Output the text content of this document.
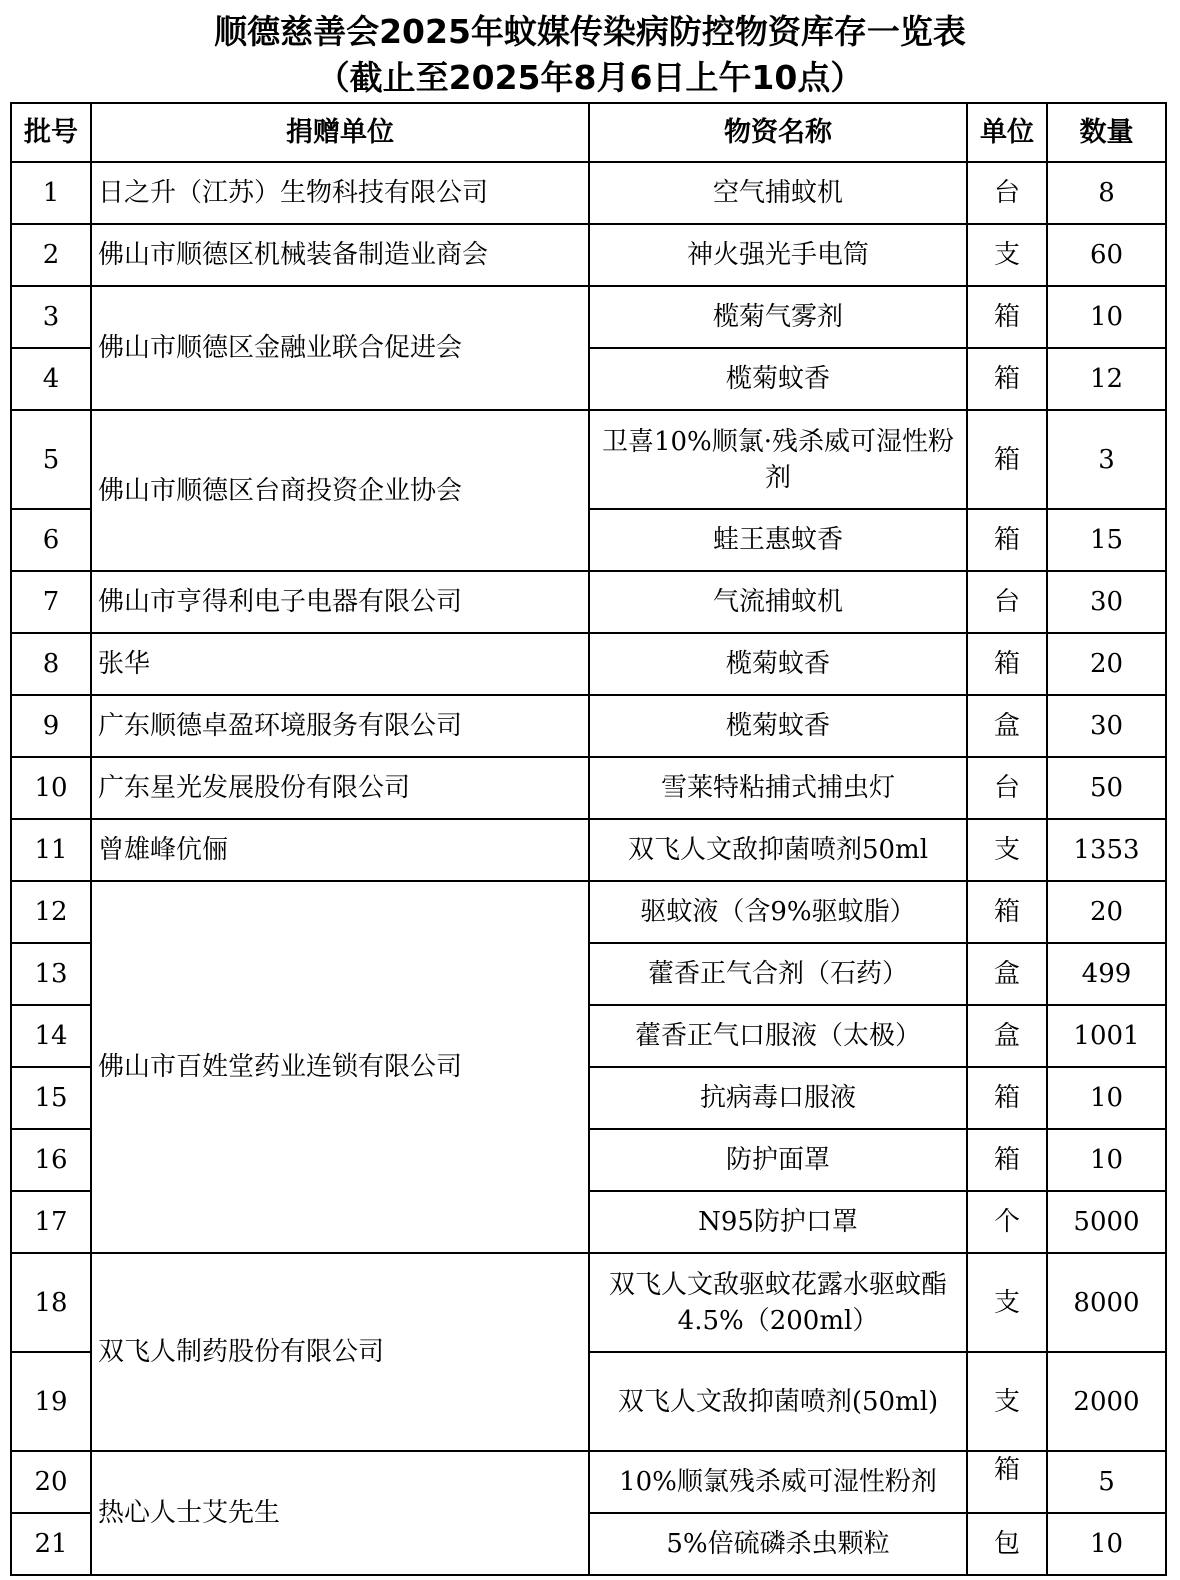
顺德慈善会2025年蚊媒传染病防控物资库存一览表
（截止至2025年8月6日上午10点）
批号	捐赠单位	物资名称	单位	数量
1	日之升（江苏）生物科技有限公司	空气捕蚊机	台	8
2	佛山市顺德区机械装备制造业商会	神火强光手电筒	支	60
3	佛山市顺德区金融业联合促进会	榄菊气雾剂	箱	10
4		榄菊蚊香	箱	12
5	佛山市顺德区台商投资企业协会	卫喜10%顺氯·残杀威可湿性粉剂	箱	3
6		蛙王惠蚊香	箱	15
7	佛山市亨得利电子电器有限公司	气流捕蚊机	台	30
8	张华	榄菊蚊香	箱	20
9	广东顺德卓盈环境服务有限公司	榄菊蚊香	盒	30
10	广东星光发展股份有限公司	雪莱特粘捕式捕虫灯	台	50
11	曾雄峰伉俪	双飞人文敌抑菌喷剂50ml	支	1353
12	佛山市百姓堂药业连锁有限公司	驱蚊液（含9%驱蚊脂）	箱	20
13		藿香正气合剂（石药）	盒	499
14		藿香正气口服液（太极）	盒	1001
15		抗病毒口服液	箱	10
16		防护面罩	箱	10
17		N95防护口罩	个	5000
18	双飞人制药股份有限公司	双飞人文敌驱蚊花露水驱蚊酯4.5%（200ml）	支	8000
19		双飞人文敌抑菌喷剂(50ml)	支	2000
20	热心人士艾先生	10%顺氯残杀威可湿性粉剂	箱	5
21		5%倍硫磷杀虫颗粒	包	10
